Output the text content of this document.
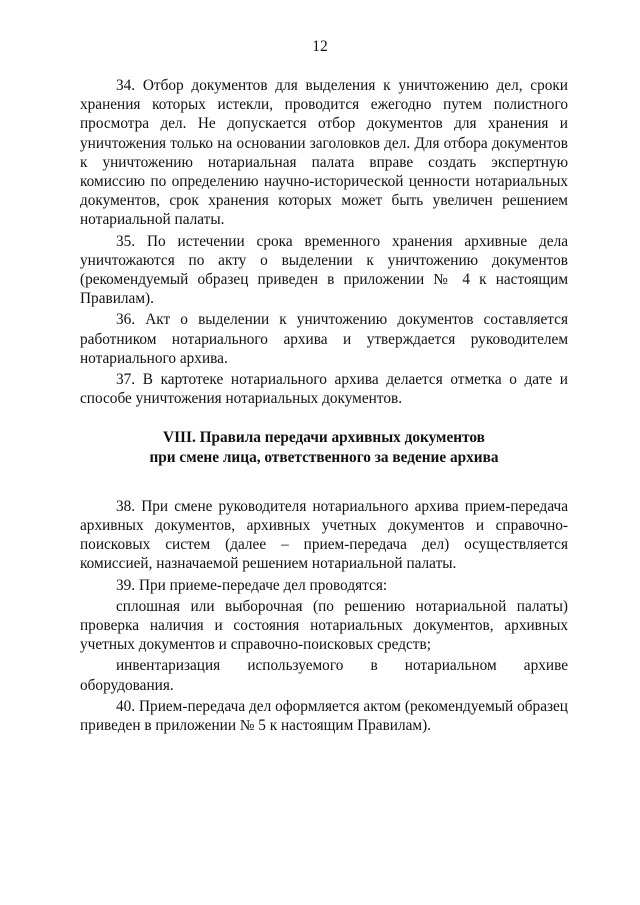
12

34. Отбор документов для выделения к уничтожению дел, сроки хранения которых истекли, проводится ежегодно путем полистного просмотра дел. Не допускается отбор документов для хранения и уничтожения только на основании заголовков дел. Для отбора документов к уничтожению нотариальная палата вправе создать экспертную комиссию по определению научно-исторической ценности нотариальных документов, срок хранения которых может быть увеличен решением нотариальной палаты.

35. По истечении срока временного хранения архивные дела уничтожаются по акту о выделении к уничтожению документов (рекомендуемый образец приведен в приложении № 4 к настоящим Правилам).

36. Акт о выделении к уничтожению документов составляется работником нотариального архива и утверждается руководителем нотариального архива.

37. В картотеке нотариального архива делается отметка о дате и способе уничтожения нотариальных документов.

VIII. Правила передачи архивных документов
при смене лица, ответственного за ведение архива

38. При смене руководителя нотариального архива прием-передача архивных документов, архивных учетных документов и справочно-поисковых систем (далее – прием-передача дел) осуществляется комиссией, назначаемой решением нотариальной палаты.

39. При приеме-передаче дел проводятся:

сплошная или выборочная (по решению нотариальной палаты) проверка наличия и состояния нотариальных документов, архивных учетных документов и справочно-поисковых средств;

инвентаризация используемого в нотариальном архиве оборудования.

40. Прием-передача дел оформляется актом (рекомендуемый образец приведен в приложении № 5 к настоящим Правилам).
